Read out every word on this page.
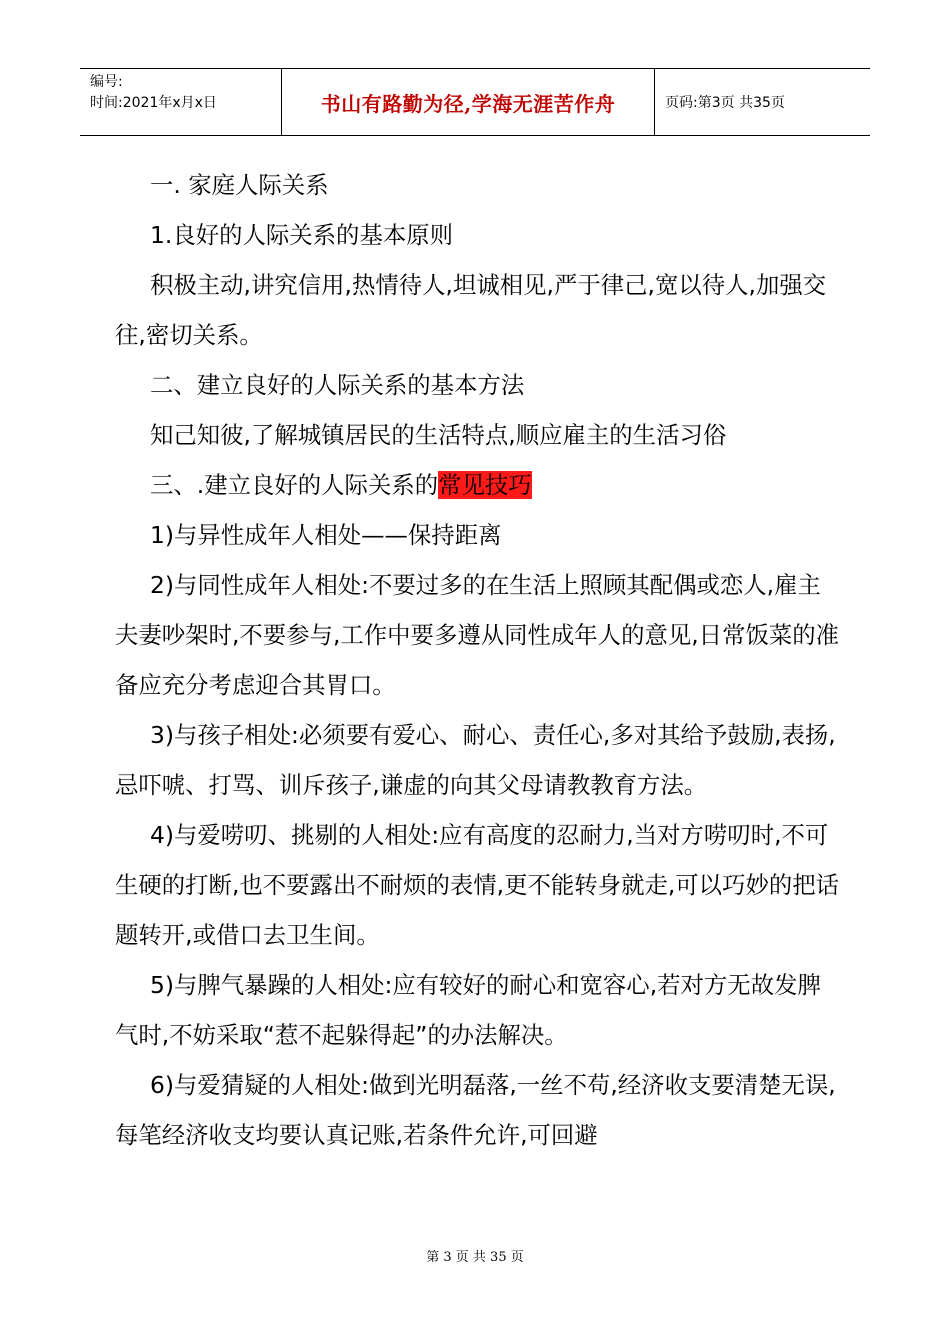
编号:
时间:2021年x月x日	书山有路勤为径,学海无涯苦作舟	页码:第3页 共35页

一. 家庭人际关系

1.良好的人际关系的基本原则

积极主动,讲究信用,热情待人,坦诚相见,严于律己,宽以待人,加强交往,密切关系。

二、建立良好的人际关系的基本方法

知己知彼,了解城镇居民的生活特点,顺应雇主的生活习俗

三、.建立良好的人际关系的常见技巧

1)与异性成年人相处——保持距离

2)与同性成年人相处:不要过多的在生活上照顾其配偶或恋人,雇主夫妻吵架时,不要参与,工作中要多遵从同性成年人的意见,日常饭菜的准备应充分考虑迎合其胃口。

3)与孩子相处:必须要有爱心、耐心、责任心,多对其给予鼓励,表扬,忌吓唬、打骂、训斥孩子,谦虚的向其父母请教教育方法。

4)与爱唠叨、挑剔的人相处:应有高度的忍耐力,当对方唠叨时,不可生硬的打断,也不要露出不耐烦的表情,更不能转身就走,可以巧妙的把话题转开,或借口去卫生间。

5)与脾气暴躁的人相处:应有较好的耐心和宽容心,若对方无故发脾气时,不妨采取“惹不起躲得起”的办法解决。

6)与爱猜疑的人相处:做到光明磊落,一丝不苟,经济收支要清楚无误,每笔经济收支均要认真记账,若条件允许,可回避

第 3 页 共 35 页
